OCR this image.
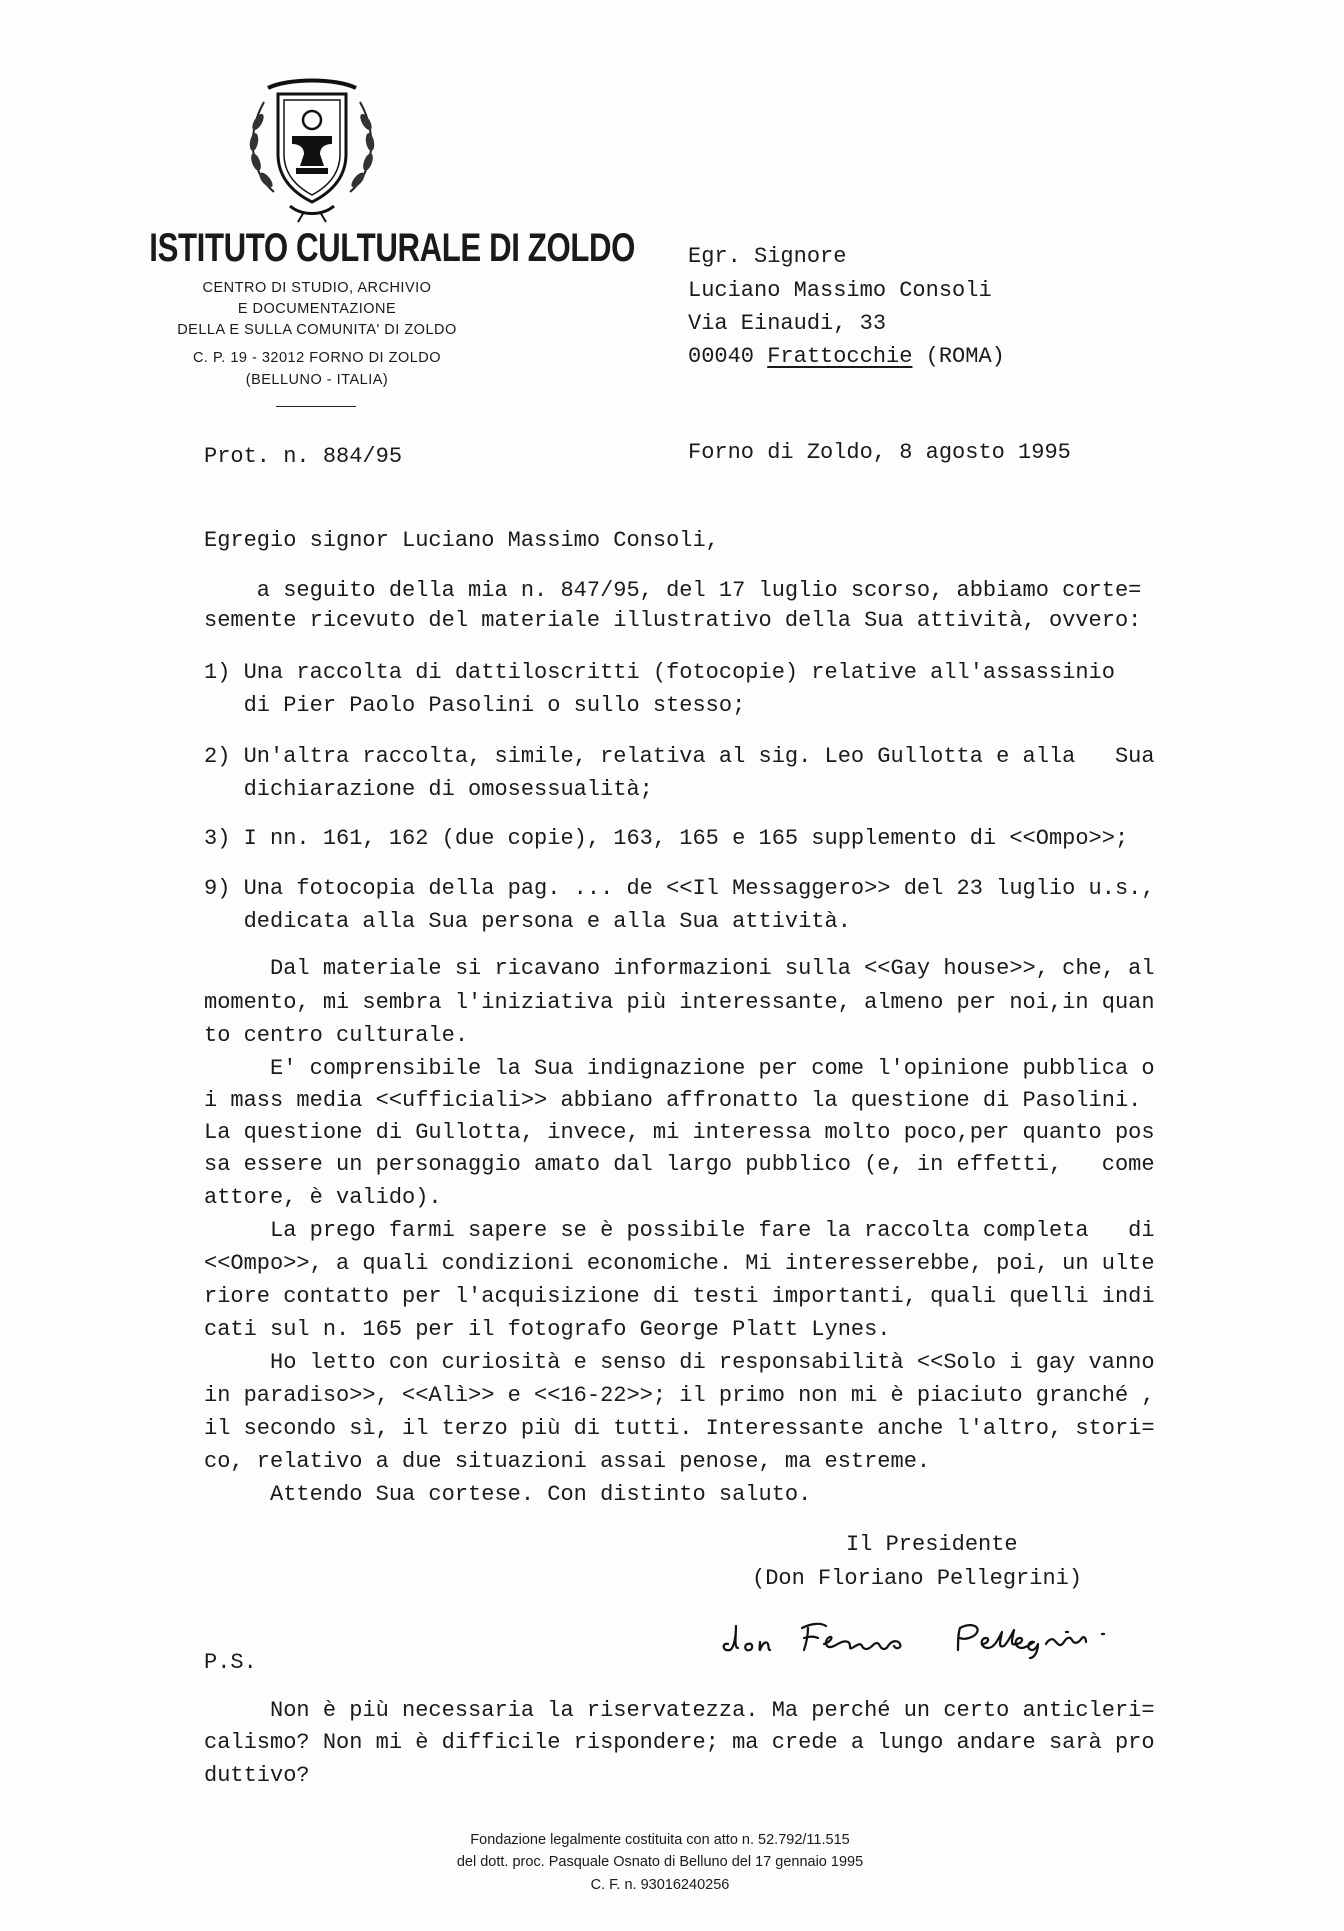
ISTITUTO CULTURALE DI ZOLDO
CENTRO DI STUDIO, ARCHIVIO
E DOCUMENTAZIONE
DELLA E SULLA COMUNITA' DI ZOLDO
C. P. 19 - 32012 FORNO DI ZOLDO
(BELLUNO - ITALIA)
Egr. Signore
Luciano Massimo Consoli
Via Einaudi, 33
00040 Frattocchie (ROMA)
Prot. n. 884/95	Forno di Zoldo, 8 agosto 1995
Egregio signor Luciano Massimo Consoli,
a seguito della mia n. 847/95, del 17 luglio scorso, abbiamo corte=
semente ricevuto del materiale illustrativo della Sua attività, ovvero:
1) Una raccolta di dattiloscritti (fotocopie) relative all'assassinio
di Pier Paolo Pasolini o sullo stesso;
2) Un'altra raccolta, simile, relativa al sig. Leo Gullotta e alla   Sua
dichiarazione di omosessualità;
3) I nn. 161, 162 (due copie), 163, 165 e 165 supplemento di <<Ompo>>;
9) Una fotocopia della pag. ... de <<Il Messaggero>> del 23 luglio u.s.,
dedicata alla Sua persona e alla Sua attività.
Dal materiale si ricavano informazioni sulla <<Gay house>>, che, al
momento, mi sembra l'iniziativa più interessante, almeno per noi,in quan
to centro culturale.
E' comprensibile la Sua indignazione per come l'opinione pubblica o
i mass media <<ufficiali>> abbiano affronatto la questione di Pasolini.
La questione di Gullotta, invece, mi interessa molto poco,per quanto pos
sa essere un personaggio amato dal largo pubblico (e, in effetti,   come
attore, è valido).
La prego farmi sapere se è possibile fare la raccolta completa   di
<<Ompo>>, a quali condizioni economiche. Mi interesserebbe, poi, un ulte
riore contatto per l'acquisizione di testi importanti, quali quelli indi
cati sul n. 165 per il fotografo George Platt Lynes.
Ho letto con curiosità e senso di responsabilità <<Solo i gay vanno
in paradiso>>, <<Alì>> e <<16-22>>; il primo non mi è piaciuto granché ,
il secondo sì, il terzo più di tutti. Interessante anche l'altro, stori=
co, relativo a due situazioni assai penose, ma estreme.
Attendo Sua cortese. Con distinto saluto.
Il Presidente
(Don Floriano Pellegrini)
P.S.
Non è più necessaria la riservatezza. Ma perché un certo anticleri=
calismo? Non mi è difficile rispondere; ma crede a lungo andare sarà pro
duttivo?
Fondazione legalmente costituita con atto n. 52.792/11.515
del dott. proc. Pasquale Osnato di Belluno del 17 gennaio 1995
C. F. n. 93016240256
